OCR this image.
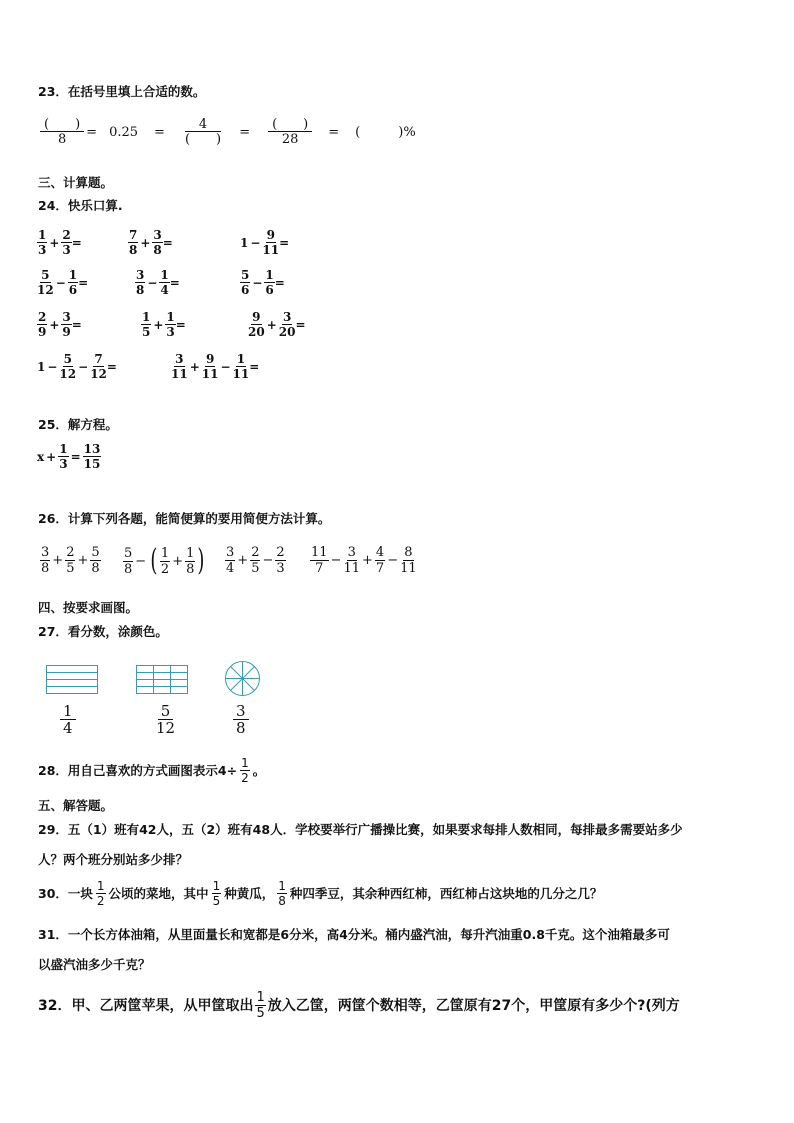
23．在括号里填上合适的数。
$\frac{( )}{8} = 0.25 = \frac{4}{( )} = \frac{( )}{28}$ = (	)%
三、计算题。
24．快乐口算.
$\frac{1}{3} + \frac{2}{3}$ =	$\frac{7}{8} + \frac{3}{8}$ =	$1 - \frac{9}{11}$ =
$\frac{5}{12} - \frac{1}{6}$ =	$\frac{3}{8} - \frac{1}{4}$ =	$\frac{5}{6} - \frac{1}{6}$ =
$\frac{2}{9} + \frac{3}{9}$ =	$\frac{1}{5} + \frac{1}{3}$ =	$\frac{9}{20} + \frac{3}{20}$ =
$1 - \frac{5}{12} - \frac{7}{12}$ =	$\frac{3}{11} + \frac{9}{11} - \frac{1}{11}$ =
25．解方程。
$x + \frac{1}{3} = \frac{13}{15}$
26．计算下列各题，能简便算的要用简便方法计算。
$\frac{3}{8} + \frac{2}{5} + \frac{5}{8} \frac{5}{8}$ − ( $\frac{1}{2} + \frac{1}{8}$ ) $\frac{3}{4} + \frac{2}{5} - \frac{2}{3} \frac{11}{7} - \frac{3}{11} + \frac{4}{7} - \frac{8}{11}$
四、按要求画图。
27．看分数，涂颜色。
$\frac{1}{4}$	$\frac{5}{12}$	$\frac{3}{8}$
28．用自己喜欢的方式画图表示$4\div \frac{1}{2}$ 。
五、解答题。
29．五（1）班有42人，五（2）班有48人．学校要举行广播操比赛，如果要求每排人数相同，每排最多需要站多少
人？两个班分别站多少排？
30．一块 $\frac{1}{2}$ 公顷的菜地，其中 $\frac{1}{5}$ 种黄瓜， $\frac{1}{8}$ 种四季豆，其余种西红柿，西红柿占这块地的几分之几？
31．一个长方体油箱，从里面量长和宽都是6分米，高4分米。桶内盛汽油，每升汽油重0.8千克。这个油箱最多可
以盛汽油多少千克？
32．甲、乙两筐苹果，从甲筐取出 $\frac{1}{5}$ 放入乙筐，两筐个数相等，乙筐原有27个，甲筐原有多少个?(列方
